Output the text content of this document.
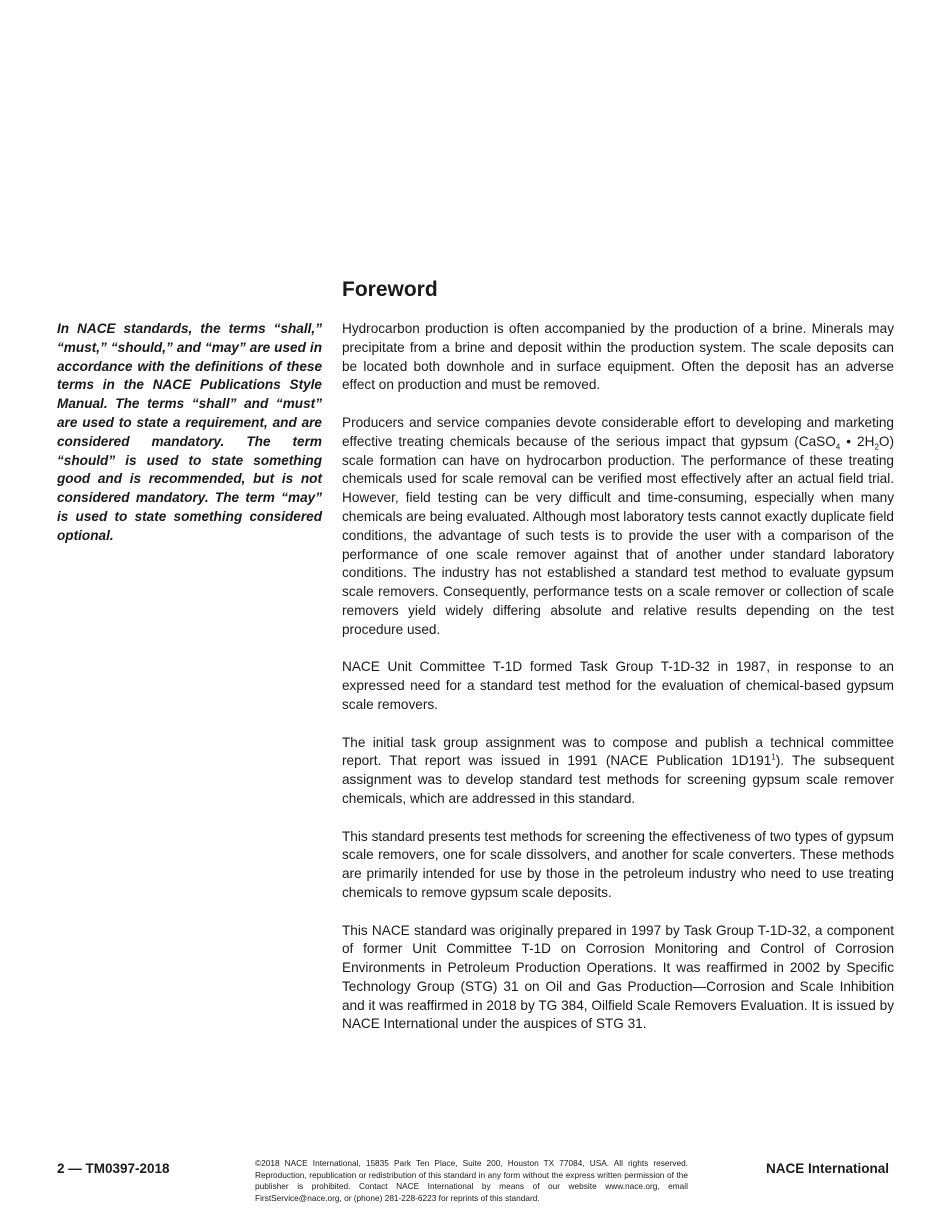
Foreword

In NACE standards, the terms “shall,” “must,” “should,” and “may” are used in accordance with the definitions of these terms in the NACE Publications Style Manual. The terms “shall” and “must” are used to state a requirement, and are considered mandatory. The term “should” is used to state something good and is recommended, but is not considered mandatory. The term “may” is used to state something considered optional.

Hydrocarbon production is often accompanied by the production of a brine. Minerals may precipitate from a brine and deposit within the production system. The scale deposits can be located both downhole and in surface equipment. Often the deposit has an adverse effect on production and must be removed.

Producers and service companies devote considerable effort to developing and marketing effective treating chemicals because of the serious impact that gypsum (CaSO$_4$ • $2H_2O$) scale formation can have on hydrocarbon production. The performance of these treating chemicals used for scale removal can be verified most effectively after an actual field trial. However, field testing can be very difficult and time-consuming, especially when many chemicals are being evaluated. Although most laboratory tests cannot exactly duplicate field conditions, the advantage of such tests is to provide the user with a comparison of the performance of one scale remover against that of another under standard laboratory conditions. The industry has not established a standard test method to evaluate gypsum scale removers. Consequently, performance tests on a scale remover or collection of scale removers yield widely differing absolute and relative results depending on the test procedure used.

NACE Unit Committee T-1D formed Task Group T-1D-32 in 1987, in response to an expressed need for a standard test method for the evaluation of chemical-based gypsum scale removers.

The initial task group assignment was to compose and publish a technical committee report. That report was issued in 1991 (NACE Publication $1D191^1$). The subsequent assignment was to develop standard test methods for screening gypsum scale remover chemicals, which are addressed in this standard.

This standard presents test methods for screening the effectiveness of two types of gypsum scale removers, one for scale dissolvers, and another for scale converters. These methods are primarily intended for use by those in the petroleum industry who need to use treating chemicals to remove gypsum scale deposits.

This NACE standard was originally prepared in 1997 by Task Group T-1D-32, a component of former Unit Committee T-1D on Corrosion Monitoring and Control of Corrosion Environments in Petroleum Production Operations. It was reaffirmed in 2002 by Specific Technology Group (STG) 31 on Oil and Gas Production—Corrosion and Scale Inhibition and it was reaffirmed in 2018 by TG 384, Oilfield Scale Removers Evaluation. It is issued by NACE International under the auspices of STG 31.

2 — TM0397-2018	©2018 NACE International, 15835 Park Ten Place, Suite 200, Houston TX 77084, USA. All rights reserved. Reproduction, republication or redistribution of this standard in any form without the express written permission of the publisher is prohibited. Contact NACE International by means of our website www.nace.org, email FirstService@nace.org, or (phone) 281-228-6223 for reprints of this standard.
NACE International
